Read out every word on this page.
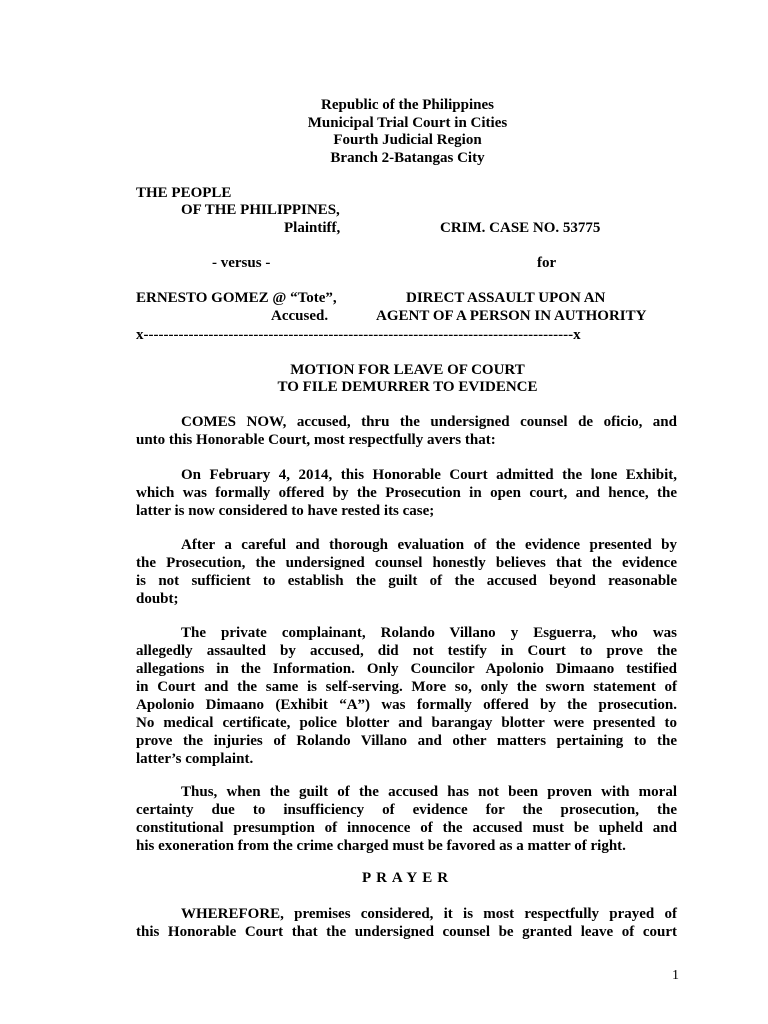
Republic of the Philippines
Municipal Trial Court in Cities
Fourth Judicial Region
Branch 2-Batangas City
THE PEOPLE
OF THE PHILIPPINES,
Plaintiff,	CRIM. CASE NO. 53775
- versus -	for
ERNESTO GOMEZ @ “Tote”,	DIRECT ASSAULT UPON AN
Accused.	AGENT OF A PERSON IN AUTHORITY
x--------------------------------------------------------------------------------------x
MOTION FOR LEAVE OF COURT
TO FILE DEMURRER TO EVIDENCE
COMES NOW, accused, thru the undersigned counsel de oficio, and
unto this Honorable Court, most respectfully avers that:
On February 4, 2014, this Honorable Court admitted the lone Exhibit,
which was formally offered by the Prosecution in open court, and hence, the
latter is now considered to have rested its case;
After a careful and thorough evaluation of the evidence presented by
the Prosecution, the undersigned counsel honestly believes that the evidence
is not sufficient to establish the guilt of the accused beyond reasonable
doubt;
The private complainant, Rolando Villano y Esguerra, who was
allegedly assaulted by accused, did not testify in Court to prove the
allegations in the Information. Only Councilor Apolonio Dimaano testified
in Court and the same is self-serving. More so, only the sworn statement of
Apolonio Dimaano (Exhibit “A”) was formally offered by the prosecution.
No medical certificate, police blotter and barangay blotter were presented to
prove the injuries of Rolando Villano and other matters pertaining to the
latter’s complaint.
Thus, when the guilt of the accused has not been proven with moral
certainty due to insufficiency of evidence for the prosecution, the
constitutional presumption of innocence of the accused must be upheld and
his exoneration from the crime charged must be favored as a matter of right.
PRAYER
WHEREFORE, premises considered, it is most respectfully prayed of
this Honorable Court that the undersigned counsel be granted leave of court
1
